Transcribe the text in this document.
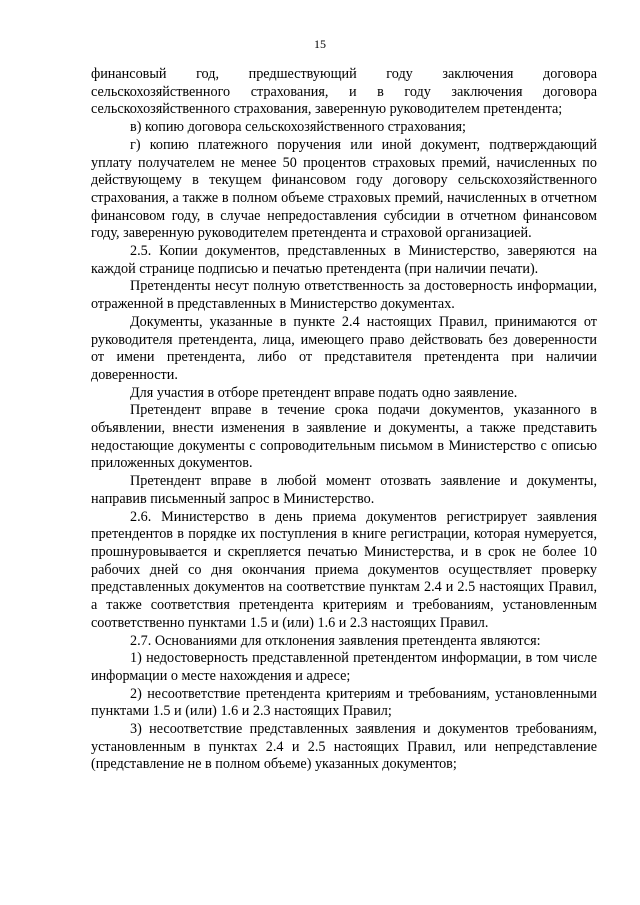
15

финансовый год, предшествующий году заключения договора сельскохозяйственного страхования, и в году заключения договора сельскохозяйственного страхования, заверенную руководителем претендента;

в) копию договора сельскохозяйственного страхования;

г) копию платежного поручения или иной документ, подтверждающий уплату получателем не менее 50 процентов страховых премий, начисленных по действующему в текущем финансовом году договору сельскохозяйственного страхования, а также в полном объеме страховых премий, начисленных в отчетном финансовом году, в случае непредоставления субсидии в отчетном финансовом году, заверенную руководителем претендента и страховой организацией.

2.5. Копии документов, представленных в Министерство, заверяются на каждой странице подписью и печатью претендента (при наличии печати).

Претенденты несут полную ответственность за достоверность информации, отраженной в представленных в Министерство документах.

Документы, указанные в пункте 2.4 настоящих Правил, принимаются от руководителя претендента, лица, имеющего право действовать без доверенности от имени претендента, либо от представителя претендента при наличии доверенности.

Для участия в отборе претендент вправе подать одно заявление.

Претендент вправе в течение срока подачи документов, указанного в объявлении, внести изменения в заявление и документы, а также представить недостающие документы с сопроводительным письмом в Министерство с описью приложенных документов.

Претендент вправе в любой момент отозвать заявление и документы, направив письменный запрос в Министерство.

2.6. Министерство в день приема документов регистрирует заявления претендентов в порядке их поступления в книге регистрации, которая нумеруется, прошнуровывается и скрепляется печатью Министерства, и в срок не более 10 рабочих дней со дня окончания приема документов осуществляет проверку представленных документов на соответствие пунктам 2.4 и 2.5 настоящих Правил, а также соответствия претендента критериям и требованиям, установленным соответственно пунктами 1.5 и (или) 1.6 и 2.3 настоящих Правил.

2.7. Основаниями для отклонения заявления претендента являются:

1) недостоверность представленной претендентом информации, в том числе информации о месте нахождения и адресе;

2) несоответствие претендента критериям и требованиям, установленными пунктами 1.5 и (или) 1.6 и 2.3 настоящих Правил;

3) несоответствие представленных заявления и документов требованиям, установленным в пунктах 2.4 и 2.5 настоящих Правил, или непредставление (представление не в полном объеме) указанных документов;
